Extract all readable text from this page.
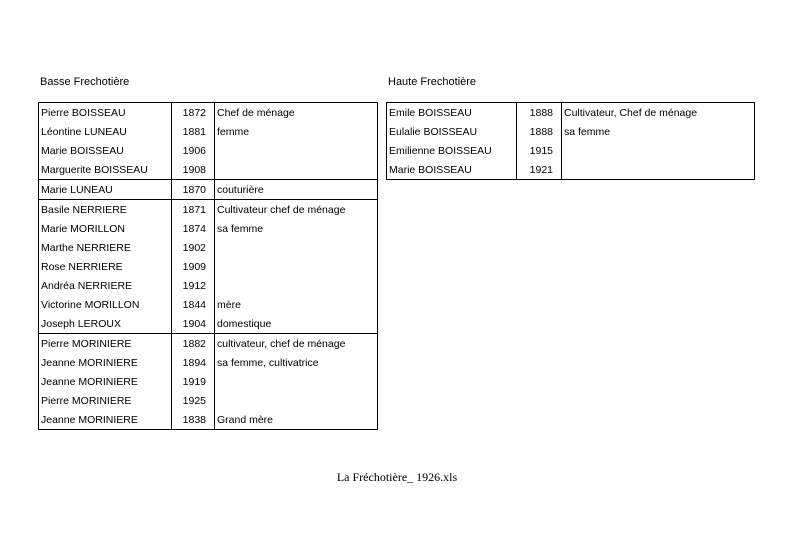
Basse Frechotière	Haute Frechotière
Pierre BOISSEAU	1872	Chef de ménage
Léontine LUNEAU	1881	femme
Marie BOISSEAU	1906	
Marguerite BOISSEAU	1908	
Marie LUNEAU	1870	couturière
Basile NERRIERE	1871	Cultivateur chef de ménage
Marie MORILLON	1874	sa femme
Marthe NERRIERE	1902	
Rose NERRIERE	1909	
Andréa NERRIERE	1912	
Victorine MORILLON	1844	mère
Joseph LEROUX	1904	domestique
Pierre MORINIERE	1882	cultivateur, chef de ménage
Jeanne MORINIERE	1894	sa femme, cultivatrice
Jeanne MORINIERE	1919	
Pierre MORINIERE	1925	
Jeanne MORINIERE	1838	Grand mère
Emile BOISSEAU	1888	Cultivateur, Chef de ménage
Eulalie BOISSEAU	1888	sa femme
Emilienne BOISSEAU	1915	
Marie BOISSEAU	1921	
La Fréchotière_ 1926.xls
